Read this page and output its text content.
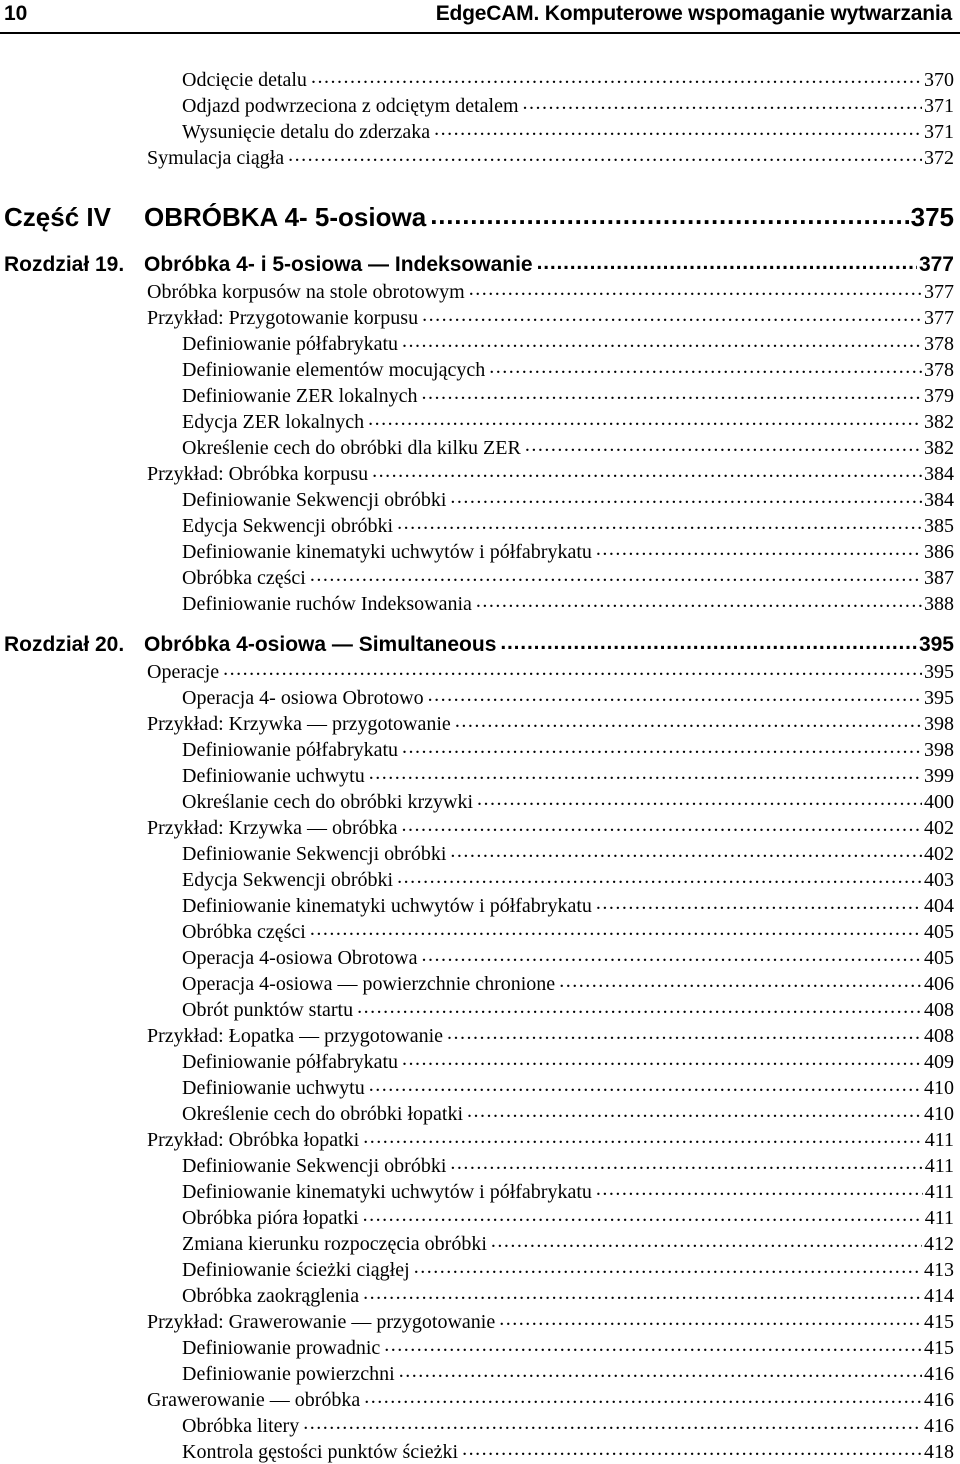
10	EdgeCAM. Komputerowe wspomaganie wytwarzania
Odcięcie detalu .....	370
Odjazd podwrzeciona z odciętym detalem .....	371
Wysunięcie detalu do zderzaka .....	371
Symulacja ciągła .....	372
Część IV OBRÓBKA 4- 5-osiowa .....	375
Rozdział 19. Obróbka 4- i 5-osiowa — Indeksowanie .....	377
Obróbka korpusów na stole obrotowym .....	377
Przykład: Przygotowanie korpusu .....	377
Definiowanie półfabrykatu .....	378
Definiowanie elementów mocujących .....	378
Definiowanie ZER lokalnych .....	379
Edycja ZER lokalnych .....	382
Określenie cech do obróbki dla kilku ZER .....	382
Przykład: Obróbka korpusu .....	384
Definiowanie Sekwencji obróbki .....	384
Edycja Sekwencji obróbki .....	385
Definiowanie kinematyki uchwytów i półfabrykatu .....	386
Obróbka części .....	387
Definiowanie ruchów Indeksowania .....	388
Rozdział 20. Obróbka 4-osiowa — Simultaneous .....	395
Operacje .....	395
Operacja 4- osiowa Obrotowo .....	395
Przykład: Krzywka — przygotowanie .....	398
Definiowanie półfabrykatu .....	398
Definiowanie uchwytu .....	399
Określanie cech do obróbki krzywki .....	400
Przykład: Krzywka — obróbka .....	402
Definiowanie Sekwencji obróbki .....	402
Edycja Sekwencji obróbki .....	403
Definiowanie kinematyki uchwytów i półfabrykatu .....	404
Obróbka części .....	405
Operacja 4-osiowa Obrotowa .....	405
Operacja 4-osiowa — powierzchnie chronione .....	406
Obrót punktów startu .....	408
Przykład: Łopatka — przygotowanie .....	408
Definiowanie półfabrykatu .....	409
Definiowanie uchwytu .....	410
Określenie cech do obróbki łopatki .....	410
Przykład: Obróbka łopatki .....	411
Definiowanie Sekwencji obróbki .....	411
Definiowanie kinematyki uchwytów i półfabrykatu .....	411
Obróbka pióra łopatki .....	411
Zmiana kierunku rozpoczęcia obróbki .....	412
Definiowanie ścieżki ciągłej .....	413
Obróbka zaokrąglenia .....	414
Przykład: Grawerowanie — przygotowanie .....	415
Definiowanie prowadnic .....	415
Definiowanie powierzchni .....	416
Grawerowanie — obróbka .....	416
Obróbka litery .....	416
Kontrola gęstości punktów ścieżki .....	418
